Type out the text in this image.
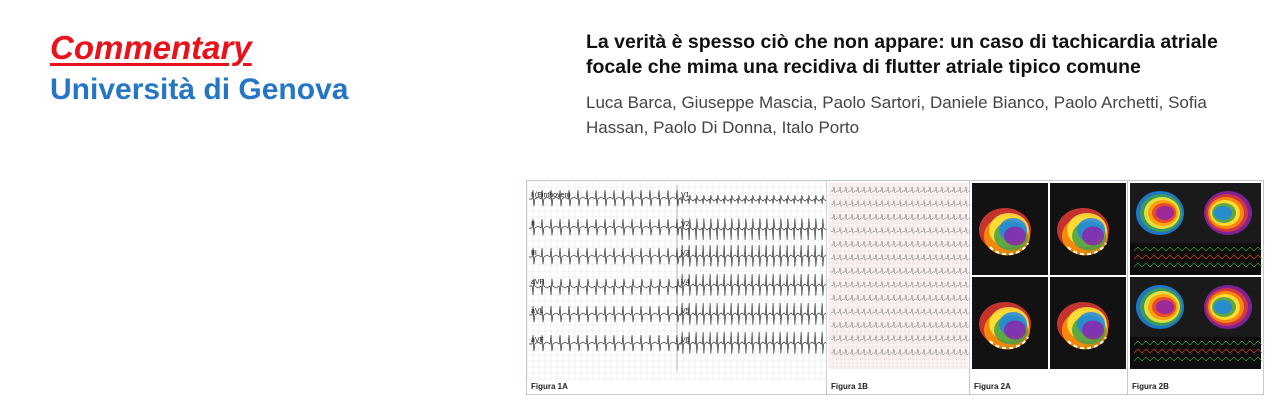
Commentary
Università di Genova
La verità è spesso ciò che non appare: un caso di tachicardia atriale focale che mima una recidiva di flutter atriale tipico comune
Luca Barca, Giuseppe Mascia, Paolo Sartori, Daniele Bianco, Paolo Archetti, Sofia Hassan, Paolo Di Donna, Italo Porto
I (Einthoven)	V1
II	V2
III	V3
aVR	V4
aVL	V5
aVF	V6
Figura 1A	Figura 1B	Figura 2A	Figura 2B
